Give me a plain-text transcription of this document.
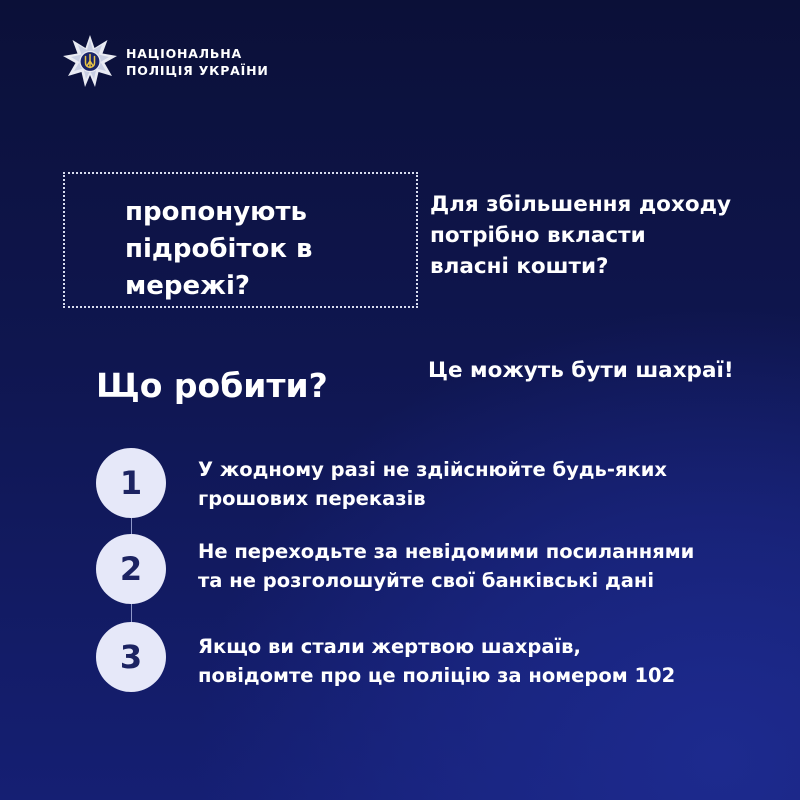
НАЦІОНАЛЬНА
ПОЛІЦІЯ УКРАЇНИ
пропонують
підробіток в
мережі?
Для збільшення доходу
потрібно вкласти
власні кошти?
Це можуть бути шахраї!
Що робити?
1	У жодному разі не здійснюйте будь-яких
грошових переказів
2	Не переходьте за невідомими посиланнями
та не розголошуйте свої банківські дані
3	Якщо ви стали жертвою шахраїв,
повідомте про це поліцію за номером 102
